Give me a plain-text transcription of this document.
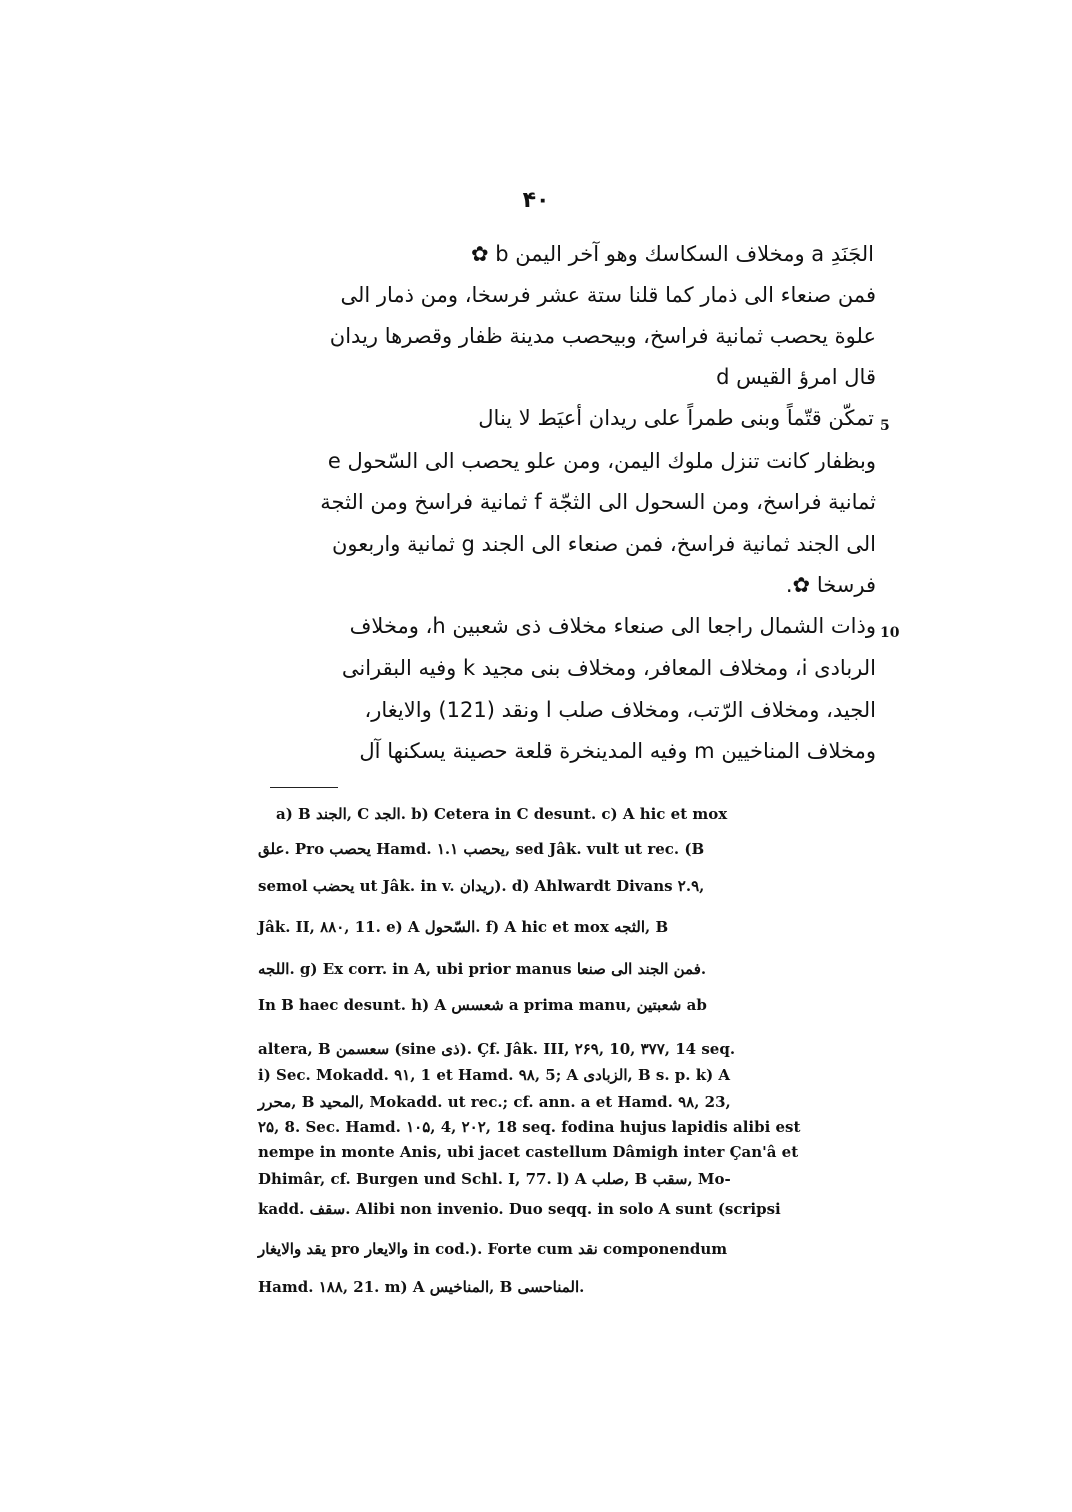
۴۰
الجَنَدِ a ومخلاف السكاسك وهو آخر اليمن b ✿
فمن صنعاء الى ذمار كما قلنا ستة عشر فرسخا، ومن ذمار الى
علوة يحصب ثمانية فراسخ، وبيحصب مدينة ظفار وقصرها ريدان
قال امرؤ القيس d
5
تمكّن قتّماً وبنى طمراً على ريدان أعيَط لا ينال
وبظفار كانت تنزل ملوك اليمن، ومن علو يحصب الى السّحول e
ثمانية فراسخ، ومن السحول الى الثجّة f ثمانية فراسخ ومن الثجة
الى الجند ثمانية فراسخ، فمن صنعاء الى الجند g ثمانية واربعون
فرسخا ✿.
10
وذات الشمال راجعا الى صنعاء مخلاف ذى شعبين h، ومخلاف
الربادى i، ومخلاف المعافر، ومخلاف بنى مجيد k وفيه البقرانى
الجيد، ومخلاف الرّتب، ومخلاف صلب l ونقد (121) والايغار،
ومخلاف المناخيين m وفيه المدينخرة قلعة حصينة يسكنها آل
a) B الجند, C الجد. b) Cetera in C desunt. c) A hic et mox
علق. Pro يحصب Hamd. ۱.۱ يحصب, sed Jâk. vult ut rec. (B
semol يحضب ut Jâk. in v. ريدان). d) Ahlwardt Divans ۲.۹,
Jâk. II, ۸۸۰, 11. e) A السّحول. f) A hic et mox الثجه, B
اللجه. g) Ex corr. in A, ubi prior manus فمن الجند الى صنعا.
In B haec desunt. h) A شعسس a prima manu, شعبتين ab
altera, B سعسمن (sine ذى). Çf. Jâk. III, ۲۶۹, 10, ۳۷۷, 14 seq.
i) Sec. Mokadd. ۹۱, 1 et Hamd. ۹۸, 5; A الزبادى, B s. p. k) A
محرر, B المحيد, Mokadd. ut rec.; cf. ann. a et Hamd. ۹۸, 23,
۲۵, 8. Sec. Hamd. ۱۰۵, 4, ۲۰۲, 18 seq. fodina hujus lapidis alibi est
nempe in monte Anis, ubi jacet castellum Dâmigh inter Çan'â et
Dhimâr, cf. Burgen und Schl. I, 77. l) A صلب, B سقب, Mo-
kadd. سقف. Alibi non invenio. Duo seqq. in solo A sunt (scripsi
يقد والايغار pro والايعار in cod.). Forte cum نقد componendum
Hamd. ۱۸۸, 21. m) A المناخيس, B المناحسى.
